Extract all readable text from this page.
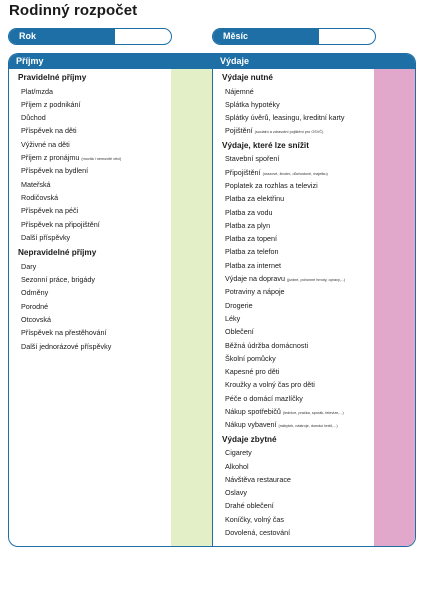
Rodinný rozpočet
Rok	Měsíc
Příjmy
Pravidelné příjmy
Plat/mzda
Příjem z podnikání
Důchod
Příspěvek na děti
Výživné na děti
Příjem z pronájmu (movitá i nemovité věci)
Příspěvek na bydlení
Mateřská
Rodičovská
Příspěvek na péči
Příspěvek na připojištění
Další příspěvky
Nepravidelné příjmy
Dary
Sezonní práce, brigády
Odměny
Porodné
Otcovská
Příspěvek na přestěhování
Další jednorázové příspěvky
Výdaje
Výdaje nutné
Nájemné
Splátka hypotéky
Splátky úvěrů, leasingu, kreditní karty
Pojištění (sociální a zdravotní pojištění pro OSVČ)
Výdaje, které lze snížit
Stavební spoření
Připojištění (úrazové, životní, důchodové, majetku)
Poplatek za rozhlas a televizi
Platba za elektřinu
Platba za vodu
Platba za plyn
Platba za topení
Platba za telefon
Platba za internet
Výdaje na dopravu (jízdné, pohonné hmoty, opravy,...)
Potraviny a nápoje
Drogerie
Léky
Oblečení
Běžná údržba domácnosti
Školní pomůcky
Kapesné pro děti
Kroužky a volný čas pro děti
Péče o domácí mazlíčky
Nákup spotřebičů (lednice, pračka, sporák, televize,...)
Nákup vybavení (nábytek, nástroje, domácí textil,...)
Výdaje zbytné
Cigarety
Alkohol
Návštěva restaurace
Oslavy
Drahé oblečení
Koníčky, volný čas
Dovolená, cestování
